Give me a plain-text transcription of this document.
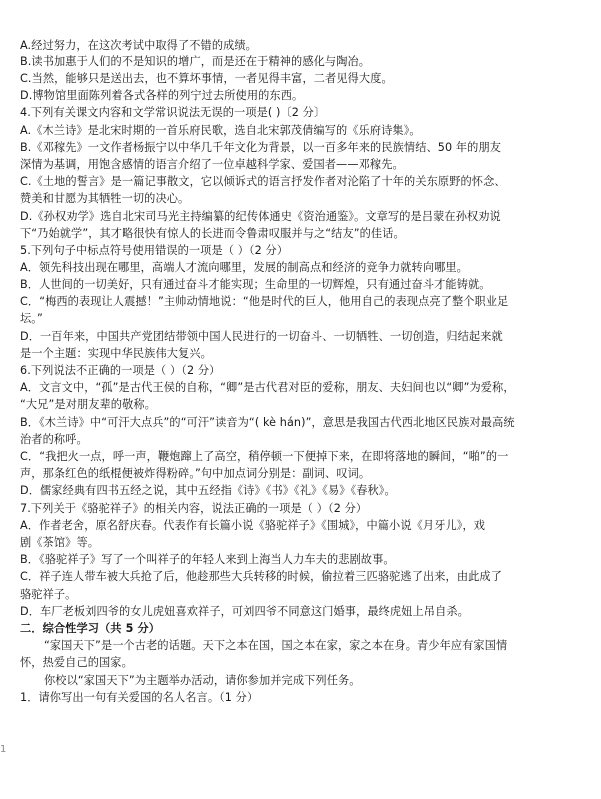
A.经过努力，在这次考试中取得了不错的成绩。
B.读书加惠于人们的不是知识的增广，而是还在于精神的感化与陶冶。
C.当然，能够只是送出去，也不算坏事情，一者见得丰富，二者见得大度。
D.博物馆里面陈列着各式各样的列宁过去所使用的东西。
4.下列有关课文内容和文学常识说法无误的一项是( )〔2 分〕
A.《木兰诗》是北宋时期的一首乐府民歌，选自北宋郭茂倩编写的《乐府诗集》。
B.《邓稼先》一文作者杨振宁以中华几千年文化为背景，以一百多年来的民族情结、50 年的朋友
深情为基调，用饱含感情的语言介绍了一位卓越科学家、爱国者——邓稼先。
C.《土地的誓言》是一篇记事散文，它以倾诉式的语言抒发作者对沦陷了十年的关东原野的怀念、
赞美和甘愿为其牺牲一切的决心。
D.《孙权劝学》选自北宋司马光主持编纂的纪传体通史《资治通鉴》。文章写的是吕蒙在孙权劝说
下“乃始就学”，其才略很快有惊人的长进而令鲁肃叹服并与之“结友”的佳话。
5.下列句子中标点符号使用错误的一项是（ ）（2 分）
A．领先科技出现在哪里，高端人才流向哪里，发展的制高点和经济的竞争力就转向哪里。
B．人世间的一切美好，只有通过奋斗才能实现；生命里的一切辉煌，只有通过奋斗才能铸就。
C．“梅西的表现让人震撼！”主帅动情地说：“他是时代的巨人，他用自己的表现点亮了整个职业足
坛。”
D．一百年来，中国共产党团结带领中国人民进行的一切奋斗、一切牺牲、一切创造，归结起来就
是一个主题：实现中华民族伟大复兴。
6.下列说法不正确的一项是（ ）（2 分）
A．文言文中，“孤”是古代王侯的自称，“卿”是古代君对臣的爱称，朋友、夫妇间也以“卿”为爱称，
“大兄”是对朋友辈的敬称。
B．《木兰诗》中“可汗大点兵”的“可汗”读音为“( kè hán)”，意思是我国古代西北地区民族对最高统
治者的称呼。
C．“我把火一点，呼一声，鞭炮蹿上了高空，稍停顿一下便掉下来，在即将落地的瞬间，“啪”的一
声，那条红色的纸棍便被炸得粉碎。”句中加点词分别是：副词、叹词。
D．儒家经典有四书五经之说，其中五经指《诗》《书》《礼》《易》《春秋》。
7.下列关于《骆驼祥子》的相关内容，说法正确的一项是（ ）（2 分）
A．作者老舍，原名舒庆春。代表作有长篇小说《骆驼祥子》《围城》，中篇小说《月牙儿》，戏
剧《茶馆》等。
B．《骆驼祥子》写了一个叫祥子的年轻人来到上海当人力车夫的悲剧故事。
C．祥子连人带车被大兵抢了后，他趁那些大兵转移的时候，偷拉着三匹骆驼逃了出来，由此成了
骆驼祥子。
D．车厂老板刘四爷的女儿虎妞喜欢祥子，可刘四爷不同意这门婚事，最终虎妞上吊自杀。
二．综合性学习（共 5 分）
“家国天下”是一个古老的话题。天下之本在国，国之本在家，家之本在身。青少年应有家国情
怀，热爱自己的国家。
你校以“家国天下”为主题举办活动，请你参加并完成下列任务。
1．请你写出一句有关爱国的名人名言。（1 分）
1
